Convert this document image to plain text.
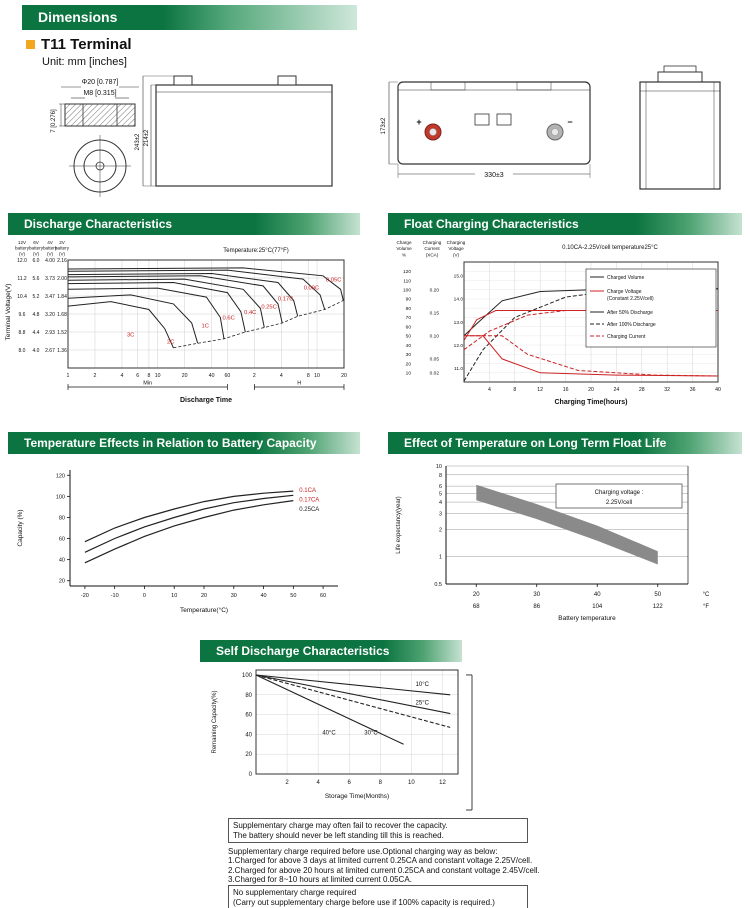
Dimensions
T11 Terminal
Unit: mm [inches]
Φ20 [0.787]
M8 [0.315]
7 [0.276]
243±2 214±2
+	−
173±2
330±3
Discharge Characteristics	Float Charging Characteristics
1	2	4 6 8 10	20	40 60	2	4	8 10	20
12V
battery
(V)
6V
battery
(V)
4V
battery
(V)
2V
battery
(V)
12.0 6.0 4.00 2.16
11.2 5.6 3.73 2.00
10.4 5.2 3.47 1.84
9.6 4.8 3.20 1.68
8.8 4.4 2.93 1.52
8.0 4.0 2.67 1.36
Terminal Voltage(V)
Temperature:25°C(77°F)
3C
2C
1C
0.6C
0.4C
0.25C
0.17C
0.09C
0.05C
Min	H
Discharge Time
4	8	12	16	20	24	28	32	36	40
Charge
Volume
%
120
110
100
90
80
70
60
50
40
30
20
10
Charging
Current
(XCA)
0.20
0.15
0.10
0.05
0.02
Charging
Voltage
(V)
15.0
14.0
13.0
12.0
11.0
0.10CA-2.25V/cell temperature25°C
Charged Volume
Charge Voltage
(Constant 2.25V/cell)
After 50% Discharge
After 100% Discharge
Charging Current
Charging Time(hours)
Temperature Effects in Relation to Battery Capacity	Effect of Temperature on Long Term Float Life
20
40
60
80
100
120
-20	-10	0	10	20	30	40	50	60
0.1CA
0.17CA
0.25CA
Temperature(°C)
Capacity (%)
10
8
6
5
4
3
2
1
0.5
Charging voltage :
2.25V/cell
20
68
30
86
40
104
50
122
°C
°F
Battery temperature
Life expectancy(year)
Self Discharge Characteristics
2	4	6	8	10	12
0
20
40
60
80
100
10°C
25°C
30°C
40°C
Storage Time(Months)
Remaining Capacity(%)
Supplementary charge may often fail to recover the capacity.
The battery should never be left standing till this is reached.
Supplementary charge required before use.Optional charging way as below:
1.Charged for above 3 days at limited current 0.25CA and constant voltage 2.25V/cell.
2.Charged for above 20 hours at limited current 0.25CA and constant voltage 2.45V/cell.
3.Charged for 8~10 hours at limited current 0.05CA.
No supplementary charge required
(Carry out supplementary charge before use if 100% capacity is required.)
